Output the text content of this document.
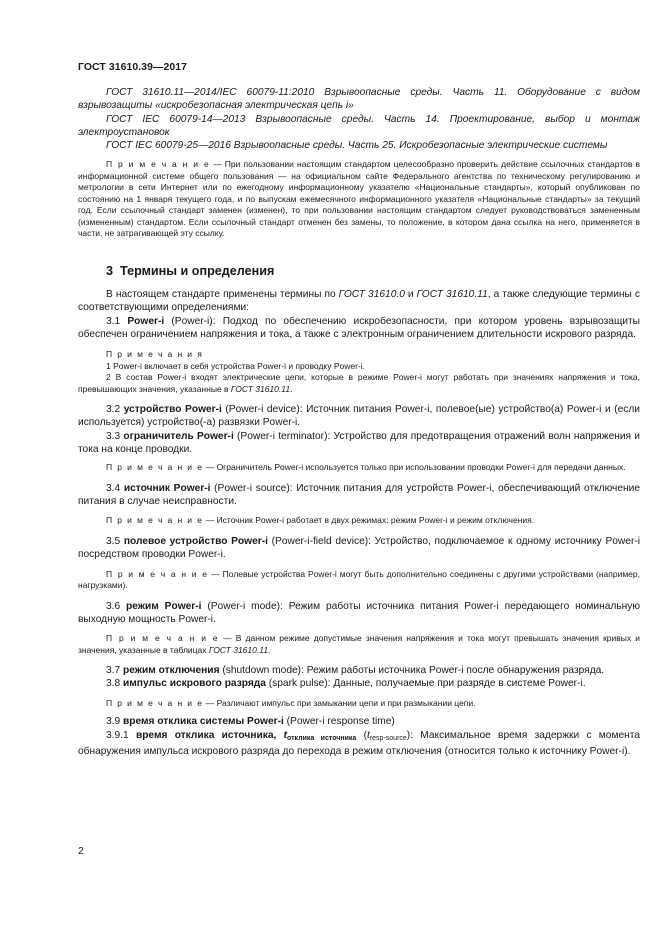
ГОСТ 31610.39—2017

ГОСТ 31610.11—2014/IEC 60079-11:2010 Взрывоопасные среды. Часть 11. Оборудование с видом взрывозащиты «искробезопасная электрическая цепь i»

ГОСТ IEC 60079-14—2013 Взрывоопасные среды. Часть 14. Проектирование, выбор и монтаж электроустановок

ГОСТ IEC 60079-25—2016 Взрывоопасные среды. Часть 25. Искробезопасные электрические системы

П р и м е ч а н и е — При пользовании настоящим стандартом целесообразно проверить действие ссылочных стандартов в информационной системе общего пользования — на официальном сайте Федерального агентства по техническому регулированию и метрологии в сети Интернет или по ежегодному информационному указателю «Национальные стандарты», который опубликован по состоянию на 1 января текущего года, и по выпускам ежемесячного информационного указателя «Национальные стандарты» за текущий год. Если ссылочный стандарт заменен (изменен), то при пользовании настоящим стандартом следует руководствоваться замененным (измененным) стандартом. Если ссылочный стандарт отменен без замены, то положение, в котором дана ссылка на него, применяется в части, не затрагивающей эту ссылку.

3 Термины и определения

В настоящем стандарте применены термины по ГОСТ 31610.0 и ГОСТ 31610.11, а также следующие термины с соответствующими определениями:

3.1 Power-i (Power-i): Подход по обеспечению искробезопасности, при котором уровень взрывозащиты обеспечен ограничением напряжения и тока, а также с электронным ограничением длительности искрового разряда.

П р и м е ч а н и я

1 Power-i включает в себя устройства Power-i и проводку Power-i.

2 В состав Power-i входят электрические цепи, которые в режиме Power-i могут работать при значениях напряжения и тока, превышающих значения, указанные в ГОСТ 31610.11.

3.2 устройство Power-i (Power-i device): Источник питания Power-i, полевое(ые) устройство(а) Power-i и (если используется) устройство(-а) развязки Power-i.

3.3 ограничитель Power-i (Power-i terminator): Устройство для предотвращения отражений волн напряжения и тока на конце проводки.

П р и м е ч а н и е — Ограничитель Power-i используется только при использовании проводки Power-i для передачи данных.

3.4 источник Power-i (Power-i source): Источник питания для устройств Power-i, обеспечивающий отключение питания в случае неисправности.

П р и м е ч а н и е — Источник Power-i работает в двух режимах: режим Power-i и режим отключения.

3.5 полевое устройство Power-i (Power-i-field device): Устройство, подключаемое к одному источнику Power-i посредством проводки Power-i.

П р и м е ч а н и е — Полевые устройства Power-i могут быть дополнительно соединены с другими устройствами (например, нагрузками).

3.6 режим Power-i (Power-i mode): Режим работы источника питания Power-i передающего номинальную выходную мощность Power-i.

П р и м е ч а н и е — В данном режиме допустимые значения напряжения и тока могут превышать значения кривых и значения, указанные в таблицах ГОСТ 31610.11.

3.7 режим отключения (shutdown mode): Режим работы источника Power-i после обнаружения разряда.

3.8 импульс искрового разряда (spark pulse): Данные, получаемые при разряде в системе Power-i.

П р и м е ч а н и е — Различают импульс при замыкании цепи и при размыкании цепи.

3.9 время отклика системы Power-i (Power-i response time)

3.9.1 время отклика источника, $t_{отклика источника}$ $(t_{resp-source})$: Максимальное время задержки с момента обнаружения импульса искрового разряда до перехода в режим отключения (относится только к источнику Power-i).

2
